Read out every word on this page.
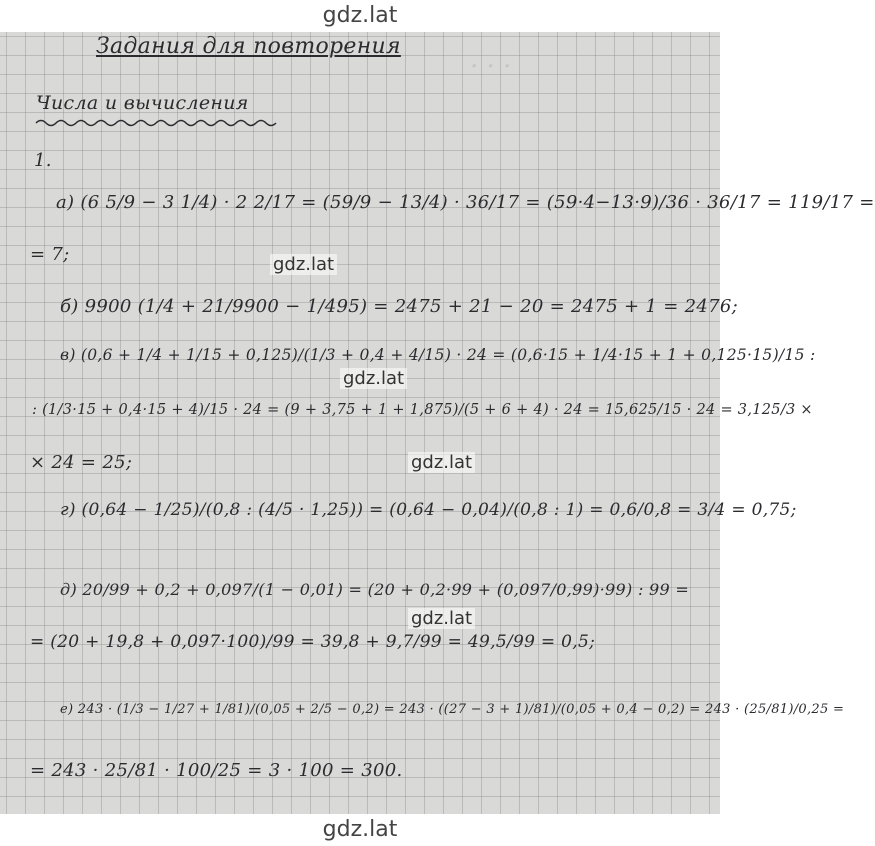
gdz.lat
· · ·
Задания для повторения
Числа и вычисления
1.
а) (6 5/9 − 3 1/4) · 2 2/17 = (59/9 − 13/4) · 36/17 = (59·4−13·9)/36 · 36/17 = 119/17 =
= 7;	gdz.lat
б) 9900 (1/4 + 21/9900 − 1/495) = 2475 + 21 − 20 = 2475 + 1 = 2476;
в) (0,6 + 1/4 + 1/15 + 0,125)/(1/3 + 0,4 + 4/15) · 24 = (0,6·15 + 1/4·15 + 1 + 0,125·15)/15 :
gdz.lat
: (1/3·15 + 0,4·15 + 4)/15 · 24 = (9 + 3,75 + 1 + 1,875)/(5 + 6 + 4) · 24 = 15,625/15 · 24 = 3,125/3 ×
× 24 = 25;	gdz.lat
г) (0,64 − 1/25)/(0,8 : (4/5 · 1,25)) = (0,64 − 0,04)/(0,8 : 1) = 0,6/0,8 = 3/4 = 0,75;
д) 20/99 + 0,2 + 0,097/(1 − 0,01) = (20 + 0,2·99 + (0,097/0,99)·99) : 99 =
gdz.lat
= (20 + 19,8 + 0,097·100)/99 = 39,8 + 9,7/99 = 49,5/99 = 0,5;
е) 243 · (1/3 − 1/27 + 1/81)/(0,05 + 2/5 − 0,2) = 243 · ((27 − 3 + 1)/81)/(0,05 + 0,4 − 0,2) = 243 · (25/81)/0,25 =
= 243 · 25/81 · 100/25 = 3 · 100 = 300.
gdz.lat
